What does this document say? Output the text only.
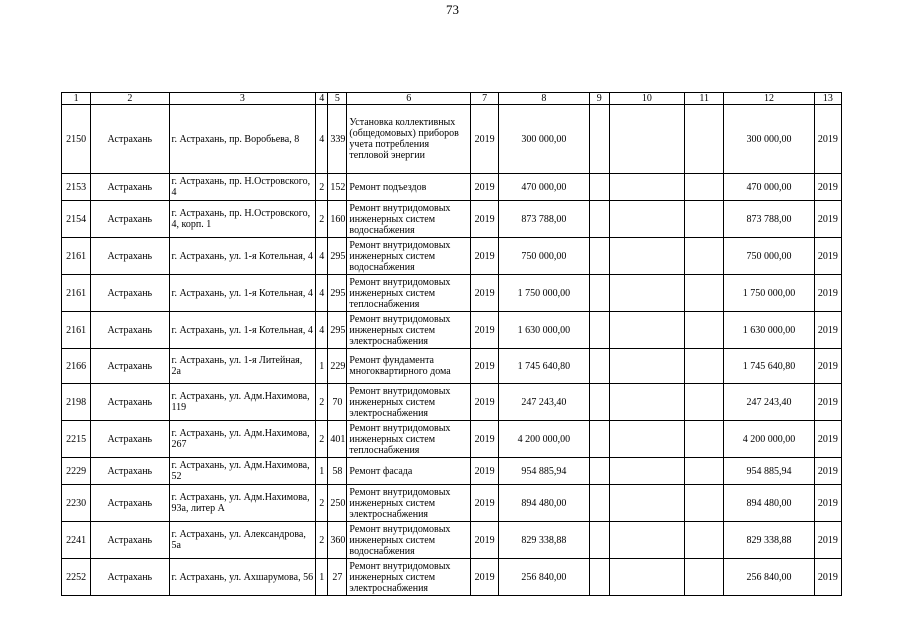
73
1	2	3	4	5	6	7	8	9	10	11	12	13
2150	Астрахань	г. Астрахань, пр. Воробьева, 8	4	339	Установка коллективных (общедомовых) приборов учета потребления тепловой энергии	2019	300 000,00				300 000,00	2019
2153	Астрахань	г. Астрахань, пр. Н.Островского, 4	2	152	Ремонт подъездов	2019	470 000,00				470 000,00	2019
2154	Астрахань	г. Астрахань, пр. Н.Островского, 4, корп. 1	2	160	Ремонт внутридомовых инженерных систем водоснабжения	2019	873 788,00				873 788,00	2019
2161	Астрахань	г. Астрахань, ул. 1-я Котельная, 4	4	295	Ремонт внутридомовых инженерных систем водоснабжения	2019	750 000,00				750 000,00	2019
2161	Астрахань	г. Астрахань, ул. 1-я Котельная, 4	4	295	Ремонт внутридомовых инженерных систем теплоснабжения	2019	1 750 000,00				1 750 000,00	2019
2161	Астрахань	г. Астрахань, ул. 1-я Котельная, 4	4	295	Ремонт внутридомовых инженерных систем электроснабжения	2019	1 630 000,00				1 630 000,00	2019
2166	Астрахань	г. Астрахань, ул. 1-я Литейная, 2а	1	229	Ремонт фундамента многоквартирного дома	2019	1 745 640,80				1 745 640,80	2019
2198	Астрахань	г. Астрахань, ул. Адм.Нахимова, 119	2	70	Ремонт внутридомовых инженерных систем электроснабжения	2019	247 243,40				247 243,40	2019
2215	Астрахань	г. Астрахань, ул. Адм.Нахимова, 267	2	401	Ремонт внутридомовых инженерных систем теплоснабжения	2019	4 200 000,00				4 200 000,00	2019
2229	Астрахань	г. Астрахань, ул. Адм.Нахимова, 52	1	58	Ремонт фасада	2019	954 885,94				954 885,94	2019
2230	Астрахань	г. Астрахань, ул. Адм.Нахимова, 93а, литер А	2	250	Ремонт внутридомовых инженерных систем электроснабжения	2019	894 480,00				894 480,00	2019
2241	Астрахань	г. Астрахань, ул. Александрова, 5а	2	360	Ремонт внутридомовых инженерных систем водоснабжения	2019	829 338,88				829 338,88	2019
2252	Астрахань	г. Астрахань, ул. Ахшарумова, 56	1	27	Ремонт внутридомовых инженерных систем электроснабжения	2019	256 840,00				256 840,00	2019
